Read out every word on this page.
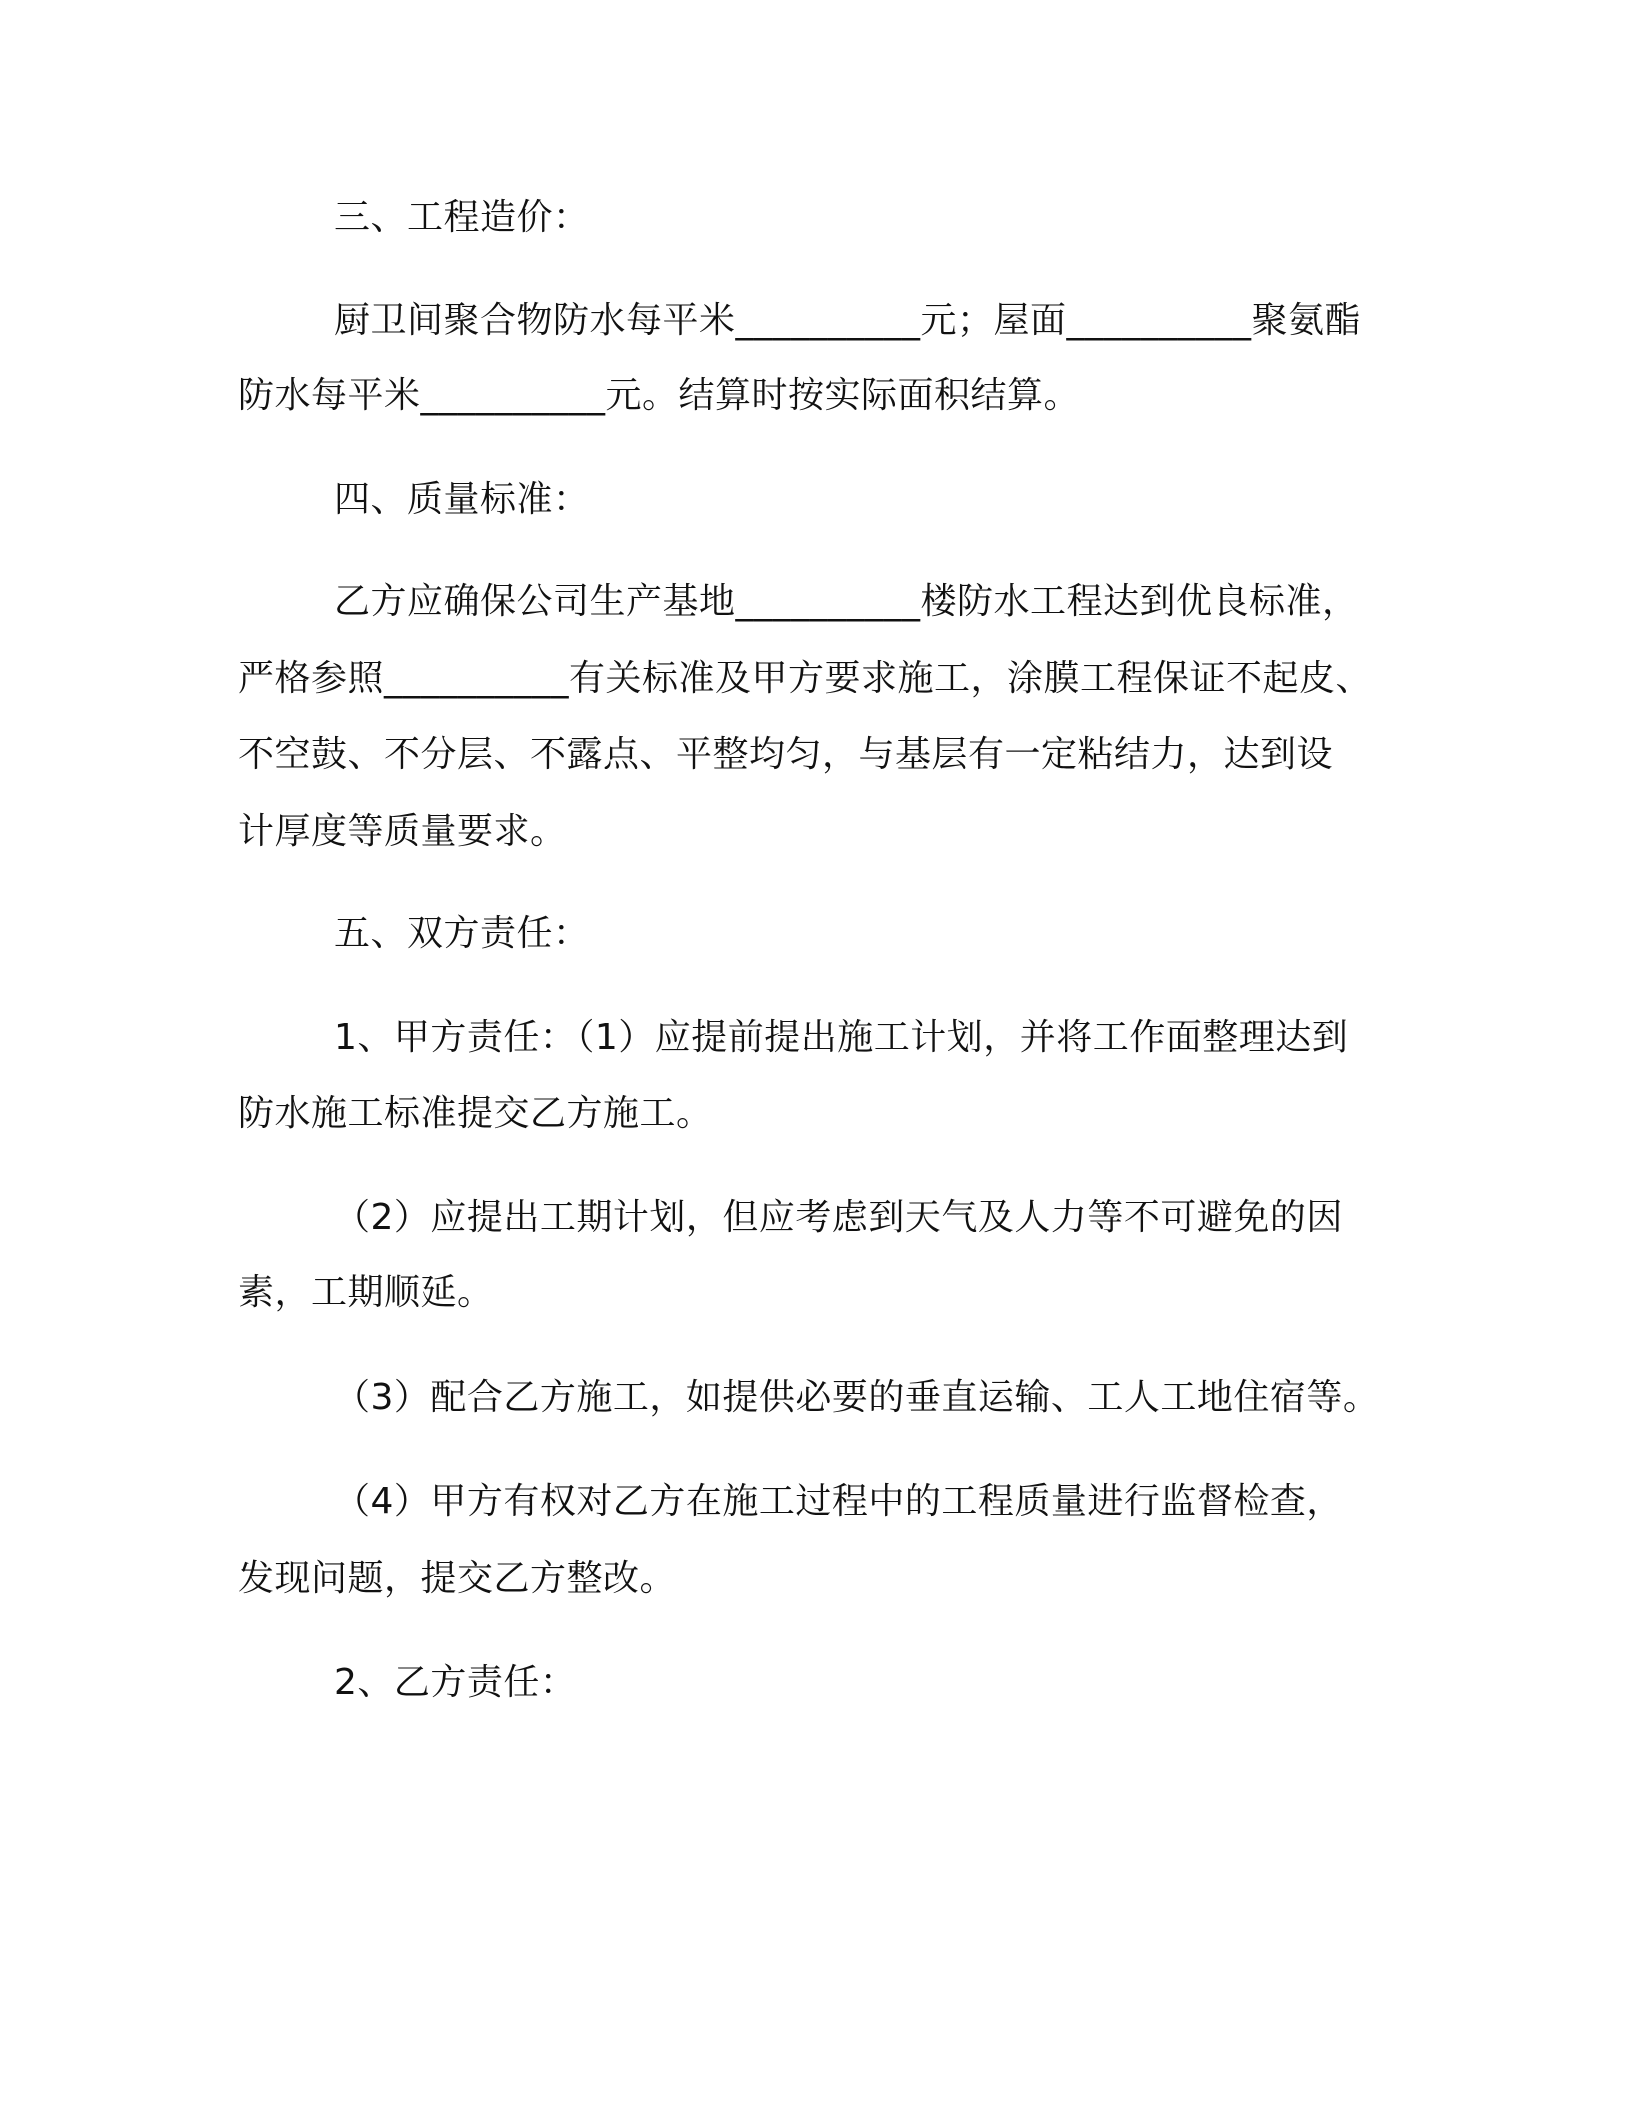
三、工程造价：
厨卫间聚合物防水每平米__________元；屋面__________聚氨酯
防水每平米__________元。结算时按实际面积结算。
四、质量标准：
乙方应确保公司生产基地__________楼防水工程达到优良标准，
严格参照__________有关标准及甲方要求施工，涂膜工程保证不起皮、
不空鼓、不分层、不露点、平整均匀，与基层有一定粘结力，达到设
计厚度等质量要求。
五、双方责任：
1、甲方责任：（1）应提前提出施工计划，并将工作面整理达到
防水施工标准提交乙方施工。
（2）应提出工期计划，但应考虑到天气及人力等不可避免的因
素，工期顺延。
（3）配合乙方施工，如提供必要的垂直运输、工人工地住宿等。
（4）甲方有权对乙方在施工过程中的工程质量进行监督检查，
发现问题，提交乙方整改。
2、乙方责任：
